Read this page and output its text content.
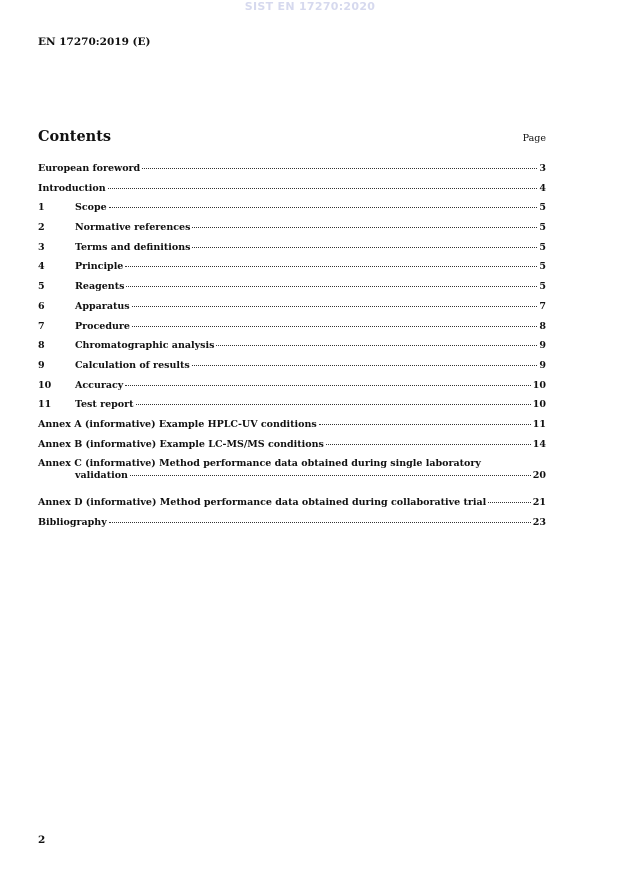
SIST EN 17270:2020
EN 17270:2019 (E)
Contents	Page
European foreword	3
Introduction	4
1	Scope	5
2	Normative references	5
3	Terms and definitions	5
4	Principle	5
5	Reagents	5
6	Apparatus	7
7	Procedure	8
8	Chromatographic analysis	9
9	Calculation of results	9
10	Accuracy	10
11	Test report	10
Annex A (informative) Example HPLC-UV conditions	11
Annex B (informative) Example LC-MS/MS conditions	14
Annex C (informative) Method performance data obtained during single laboratory
validation	20
Annex D (informative) Method performance data obtained during collaborative trial	21
Bibliography	23
2
